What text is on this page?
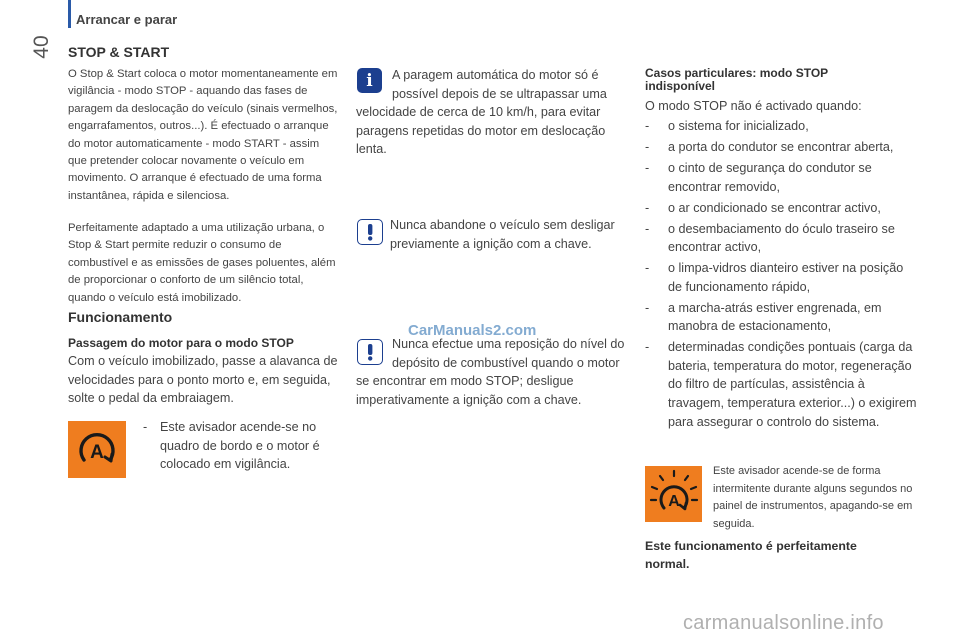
Arrancar e parar
40 STOP & START
O Stop & Start coloca o motor momentaneamente em vigilância - modo STOP - aquando das fases de paragem da deslocação do veículo (sinais vermelhos, engarrafamentos, outros...). É efectuado o arranque do motor automaticamente - modo START - assim que pretender colocar novamente o veículo em movimento. O arranque é efectuado de uma forma instantânea, rápida e silenciosa.
Perfeitamente adaptado a uma utilização urbana, o Stop & Start permite reduzir o consumo de combustível e as emissões de gases poluentes, além de proporcionar o conforto de um silêncio total, quando o veículo está imobilizado.
Funcionamento
Passagem do motor para o modo STOP
Com o veículo imobilizado, passe a alavanca de velocidades para o ponto morto e, em seguida, solte o pedal da embraiagem.
A
- Este avisador acende-se no quadro de bordo e o motor é colocado em vigilância.
A paragem automática do motor só é possível depois de se ultrapassar uma velocidade de cerca de 10 km/h, para evitar paragens repetidas do motor em deslocação lenta.
i
Nunca abandone o veículo sem desligar previamente a ignição com a chave.
CarManuals2.com
Nunca efectue uma reposição do nível do depósito de combustível quando o motor se encontrar em modo STOP; desligue imperativamente a ignição com a chave.
Casos particulares: modo STOP indisponível
O modo STOP não é activado quando:
- o sistema for inicializado,
- a porta do condutor se encontrar aberta,
- o cinto de segurança do condutor se encontrar removido,
- o ar condicionado se encontrar activo,
- o desembaciamento do óculo traseiro se encontrar activo,
- o limpa-vidros dianteiro estiver na posição de funcionamento rápido,
- a marcha-atrás estiver engrenada, em manobra de estacionamento,
- determinadas condições pontuais (carga da bateria, temperatura do motor, regeneração do filtro de partículas, assistência à travagem, temperatura exterior...) o exigirem para assegurar o controlo do sistema.
A
Este avisador acende-se de forma intermitente durante alguns segundos no painel de instrumentos, apagando-se em seguida.
Este funcionamento é perfeitamente normal.
carmanualsonline.info
